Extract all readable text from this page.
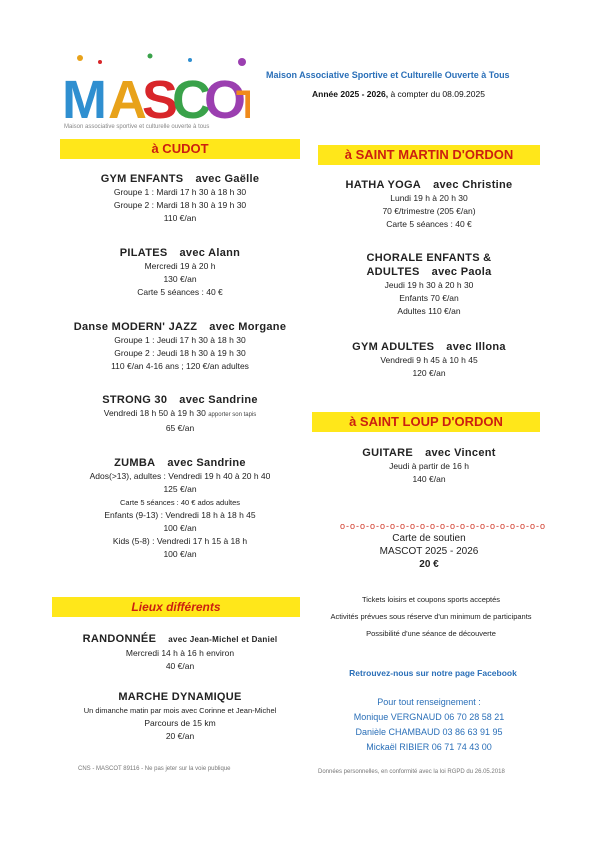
M A
S
C
O
T
Maison associative sportive et culturelle ouverte à tous
Maison Associative Sportive et Culturelle Ouverte à Tous
Année 2025 - 2026, à compter du 08.09.2025
à CUDOT

GYM ENFANTS avec Gaëlle

Groupe 1 : Mardi 17 h 30 à 18 h 30

Groupe 2 : Mardi 18 h 30 à 19 h 30

110 €/an

PILATES avec Alann

Mercredi 19 à 20 h

130 €/an

Carte 5 séances : 40 €

Danse MODERN' JAZZ avec Morgane

Groupe 1 : Jeudi 17 h 30 à 18 h 30

Groupe 2 : Jeudi 18 h 30 à 19 h 30

110 €/an 4-16 ans ; 120 €/an adultes

STRONG 30 avec Sandrine

Vendredi 18 h 50 à 19 h 30 apporter son tapis

65 €/an

ZUMBA avec Sandrine

Ados(>13), adultes : Vendredi 19 h 40 à 20 h 40

125 €/an

Carte 5 séances : 40 € ados adultes

Enfants (9-13) : Vendredi 18 h à 18 h 45

100 €/an

Kids (5-8) : Vendredi 17 h 15 à 18 h

100 €/an

Lieux différents

RANDONNÉE avec Jean-Michel et Daniel

Mercredi 14 h à 16 h environ

40 €/an

MARCHE DYNAMIQUE

Un dimanche matin par mois avec Corinne et Jean-Michel

Parcours de 15 km

20 €/an

à SAINT MARTIN D'ORDON

HATHA YOGA avec Christine

Lundi 19 h à 20 h 30

70 €/trimestre (205 €/an)

Carte 5 séances : 40 €

CHORALE ENFANTS &

ADULTES avec Paola

Jeudi 19 h 30 à 20 h 30

Enfants 70 €/an

Adultes 110 €/an

GYM ADULTES avec Illona

Vendredi 9 h 45 à 10 h 45

120 €/an

à SAINT LOUP D'ORDON

GUITARE avec Vincent

Jeudi à partir de 16 h

140 €/an

o-o-o-o-o-o-o-o-o-o-o-o-o-o-o-o-o-o-o-o-o

Carte de soutien

MASCOT 2025 - 2026

20 €

Tickets loisirs et coupons sports acceptés

Activités prévues sous réserve d'un minimum de participants

Possibilité d'une séance de découverte

Retrouvez-nous sur notre page Facebook

Pour tout renseignement :

Monique VERGNAUD 06 70 28 58 21

Danièle CHAMBAUD 03 86 63 91 95

Mickaël RIBIER 06 71 74 43 00

CNS - MASCOT 89116 - Ne pas jeter sur la voie publique	Données personnelles, en conformité avec la loi RGPD du 26.05.2018
